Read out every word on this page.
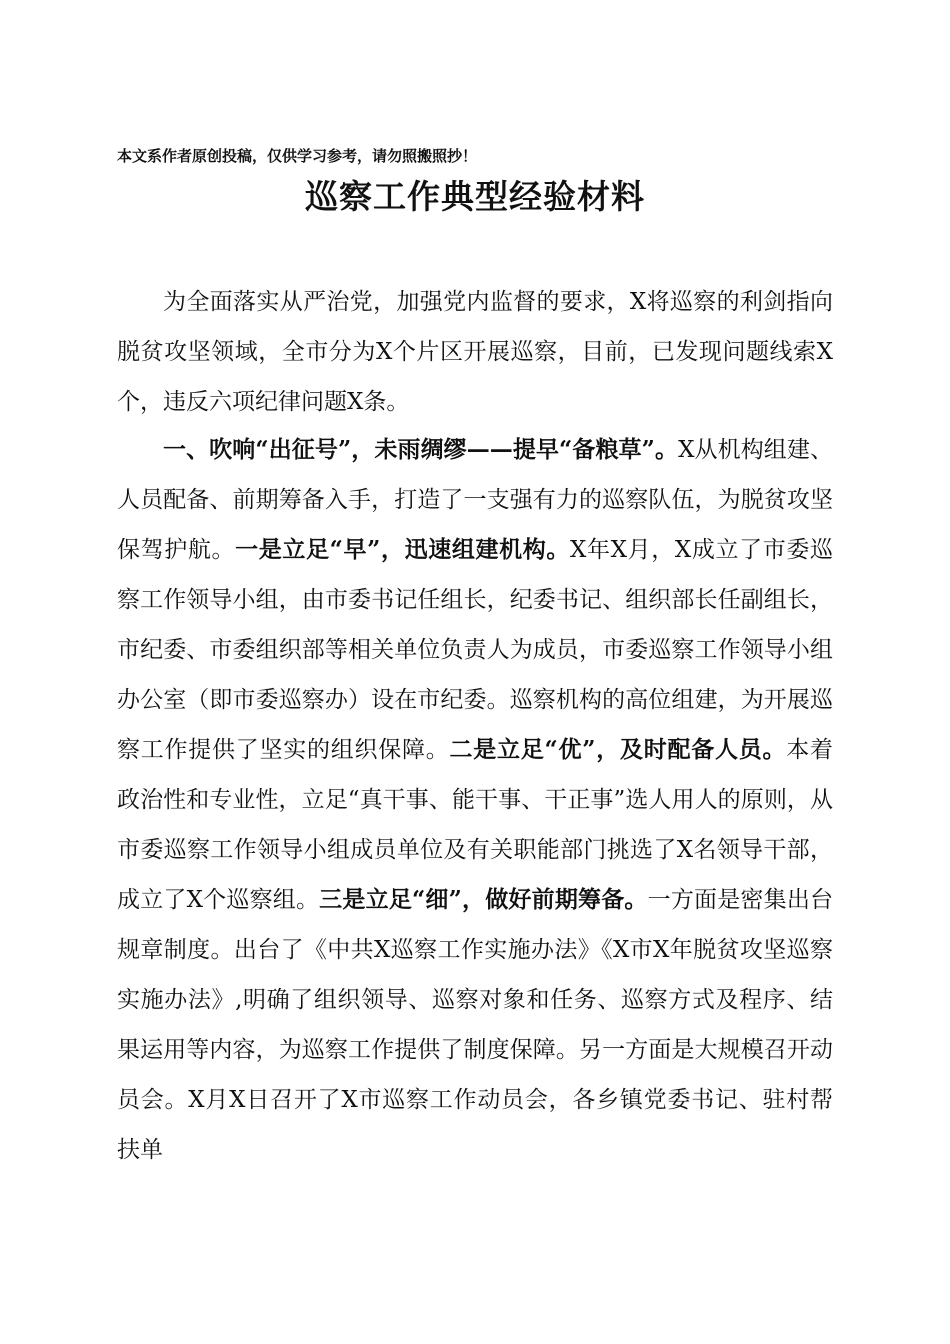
本文系作者原创投稿，仅供学习参考，请勿照搬照抄！
巡察工作典型经验材料

为全面落实从严治党，加强党内监督的要求，X将巡察的利剑指向脱贫攻坚领域，全市分为X个片区开展巡察，目前，已发现问题线索X个，违反六项纪律问题X条。

一、吹响“出征号”，未雨绸缪——提早“备粮草”。X从机构组建、人员配备、前期筹备入手，打造了一支强有力的巡察队伍，为脱贫攻坚保驾护航。一是立足“早”，迅速组建机构。X年X月，X成立了市委巡察工作领导小组，由市委书记任组长，纪委书记、组织部长任副组长，市纪委、市委组织部等相关单位负责人为成员，市委巡察工作领导小组办公室（即市委巡察办）设在市纪委。巡察机构的高位组建，为开展巡察工作提供了坚实的组织保障。二是立足“优”，及时配备人员。本着政治性和专业性，立足“真干事、能干事、干正事”选人用人的原则，从市委巡察工作领导小组成员单位及有关职能部门挑选了X名领导干部，成立了X个巡察组。三是立足“细”，做好前期筹备。一方面是密集出台规章制度。出台了《中共X巡察工作实施办法》《X市X年脱贫攻坚巡察实施办法》,明确了组织领导、巡察对象和任务、巡察方式及程序、结果运用等内容，为巡察工作提供了制度保障。另一方面是大规模召开动员会。X月X日召开了X市巡察工作动员会，各乡镇党委书记、驻村帮扶单
